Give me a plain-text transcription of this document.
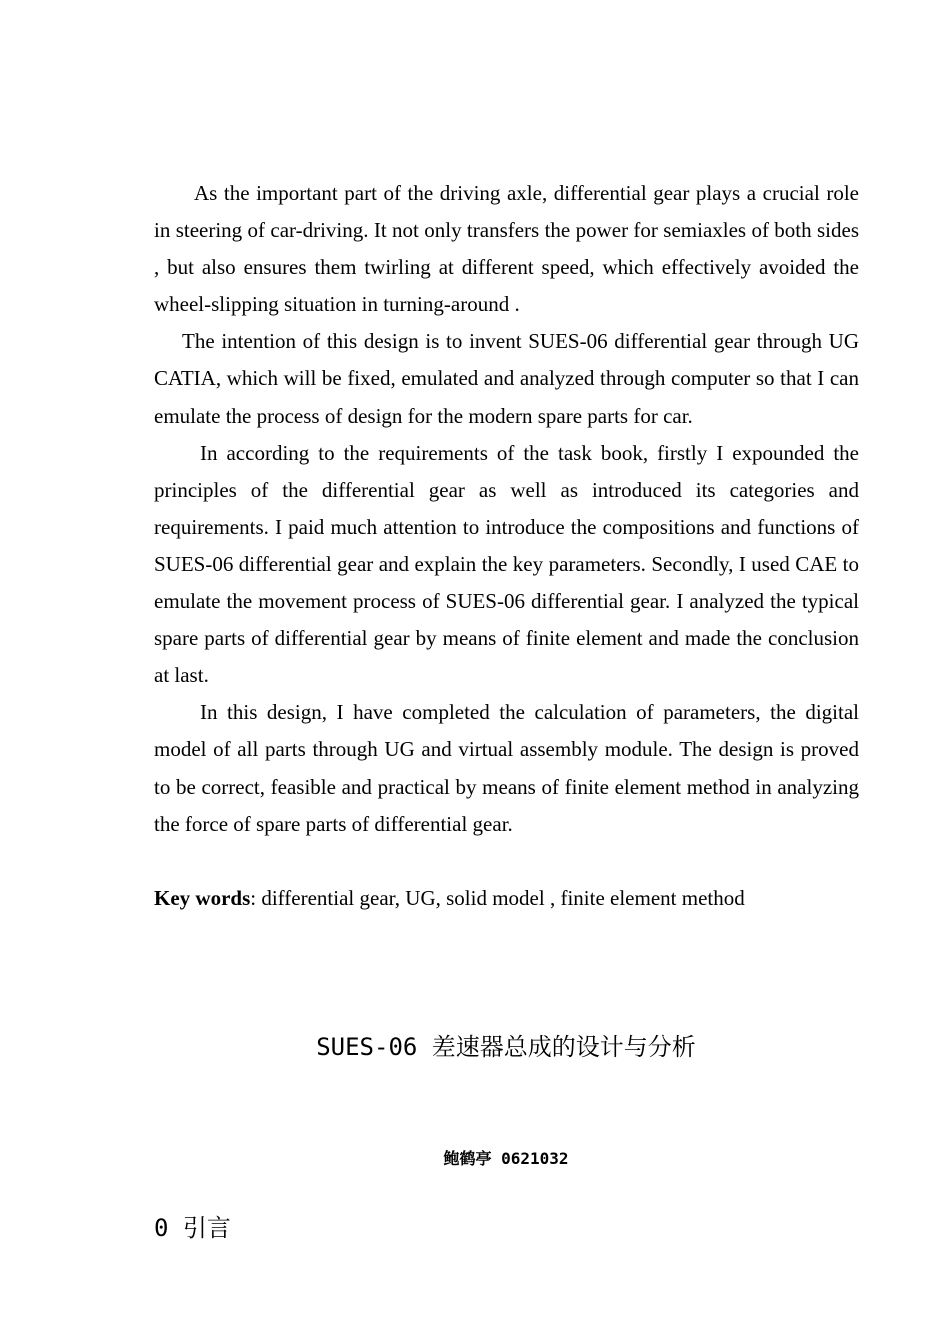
As the important part of the driving axle, differential gear plays a crucial role in steering of car-driving. It not only transfers the power for semiaxles of both sides , but also ensures them twirling at different speed, which effectively avoided the wheel-slipping situation in turning-around .

The intention of this design is to invent SUES-06 differential gear through UG CATIA, which will be fixed, emulated and analyzed through computer so that I can emulate the process of design for the modern spare parts for car.

In according to the requirements of the task book, firstly I expounded the principles of the differential gear as well as introduced its categories and requirements. I paid much attention to introduce the compositions and functions of SUES-06 differential gear and explain the key parameters. Secondly, I used CAE to emulate the movement process of SUES-06 differential gear. I analyzed the typical spare parts of differential gear by means of finite element and made the conclusion at last.

In this design, I have completed the calculation of parameters, the digital model of all parts through UG and virtual assembly module. The design is proved to be correct, feasible and practical by means of finite element method in analyzing the force of spare parts of differential gear.

Key words: differential gear, UG, solid model , finite element method

SUES-06 差速器总成的设计与分析
鲍鹤亭 0621032
0 引言
